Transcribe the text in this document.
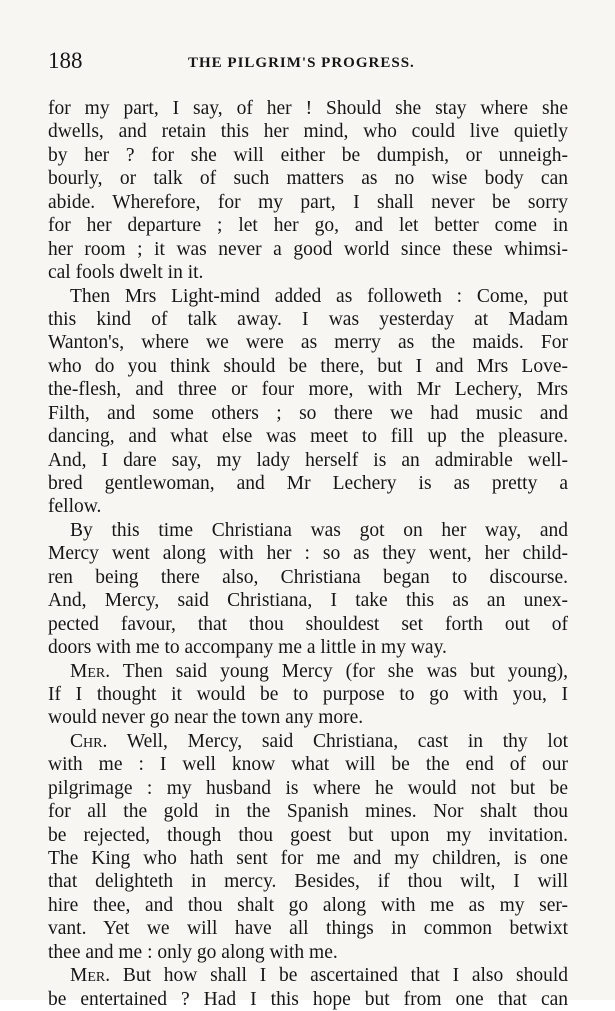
188	THE PILGRIM'S PROGRESS.
for my part, I say, of her ! Should she stay where she
dwells, and retain this her mind, who could live quietly
by her ? for she will either be dumpish, or unneigh-
bourly, or talk of such matters as no wise body can
abide. Wherefore, for my part, I shall never be sorry
for her departure ; let her go, and let better come in
her room ; it was never a good world since these whimsi-
cal fools dwelt in it.
Then Mrs Light-mind added as followeth : Come, put
this kind of talk away. I was yesterday at Madam
Wanton's, where we were as merry as the maids. For
who do you think should be there, but I and Mrs Love-
the-flesh, and three or four more, with Mr Lechery, Mrs
Filth, and some others ; so there we had music and
dancing, and what else was meet to fill up the pleasure.
And, I dare say, my lady herself is an admirable well-
bred gentlewoman, and Mr Lechery is as pretty a
fellow.
By this time Christiana was got on her way, and
Mercy went along with her : so as they went, her child-
ren being there also, Christiana began to discourse.
And, Mercy, said Christiana, I take this as an unex-
pected favour, that thou shouldest set forth out of
doors with me to accompany me a little in my way.
Mer. Then said young Mercy (for she was but young),
If I thought it would be to purpose to go with you, I
would never go near the town any more.
Chr. Well, Mercy, said Christiana, cast in thy lot
with me : I well know what will be the end of our
pilgrimage : my husband is where he would not but be
for all the gold in the Spanish mines. Nor shalt thou
be rejected, though thou goest but upon my invitation.
The King who hath sent for me and my children, is one
that delighteth in mercy. Besides, if thou wilt, I will
hire thee, and thou shalt go along with me as my ser-
vant. Yet we will have all things in common betwixt
thee and me : only go along with me.
Mer. But how shall I be ascertained that I also should
be entertained ? Had I this hope but from one that can
